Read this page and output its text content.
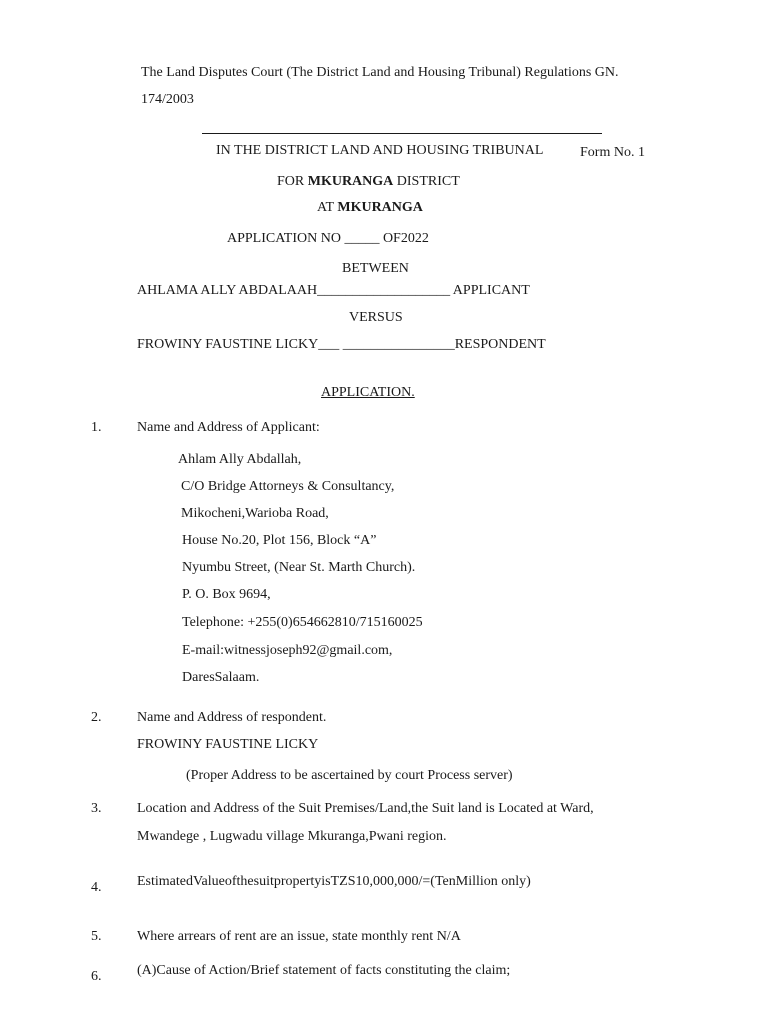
The Land Disputes Court (The District Land and Housing Tribunal) Regulations GN.
174/2003
IN THE DISTRICT LAND AND HOUSING TRIBUNAL	Form No. 1
FOR MKURANGA DISTRICT
AT MKURANGA
APPLICATION NO _____ OF2022
BETWEEN
AHLAMA ALLY ABDALAAH___________________ APPLICANT
VERSUS
FROWINY FAUSTINE LICKY___ ________________RESPONDENT
APPLICATION.
1.	Name and Address of Applicant:
Ahlam Ally Abdallah,
C/O Bridge Attorneys & Consultancy,
Mikocheni,Warioba Road,
House No.20, Plot 156, Block “A”
Nyumbu Street, (Near St. Marth Church).
P. O. Box 9694,
Telephone: +255(0)654662810/715160025
E-mail:witnessjoseph92@gmail.com,
DaresSalaam.
2.	Name and Address of respondent.
FROWINY FAUSTINE LICKY
(Proper Address to be ascertained by court Process server)
3.	Location and Address of the Suit Premises/Land,the Suit land is Located at Ward,
Mwandege , Lugwadu village Mkuranga,Pwani region.
4.	EstimatedValueofthesuitpropertyisTZS10,000,000/=(TenMillion only)
5.	Where arrears of rent are an issue, state monthly rent N/A
6.	(A)Cause of Action/Brief statement of facts constituting the claim;
